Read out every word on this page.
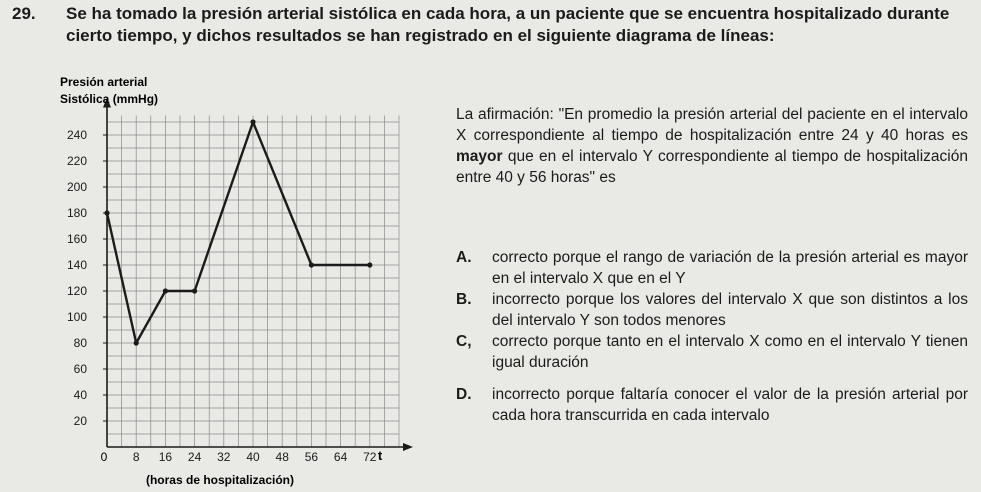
29. Se ha tomado la presión arterial sistólica en cada hora, a un paciente que se encuentra hospitalizado durante cierto tiempo, y dichos resultados se han registrado en el siguiente diagrama de líneas:
20
40
60
80
100
120
140
160
180
200
220
240
8 16 24 32 40 48 56 64 72
Presión arterial
Sistólica (mmHg)
(horas de hospitalización)
t
0
La afirmación: "En promedio la presión arterial del paciente en el intervalo X correspondiente al tiempo de hospitalización entre 24 y 40 horas es mayor que en el intervalo Y correspondiente al tiempo de hospitalización entre 40 y 56 horas" es
A. correcto porque el rango de variación de la presión arterial es mayor en el intervalo X que en el Y
B. incorrecto porque los valores del intervalo X que son distintos a los del intervalo Y son todos menores
C, correcto porque tanto en el intervalo X como en el intervalo Y tienen igual duración
D. incorrecto porque faltaría conocer el valor de la presión arterial por cada hora transcurrida en cada intervalo
